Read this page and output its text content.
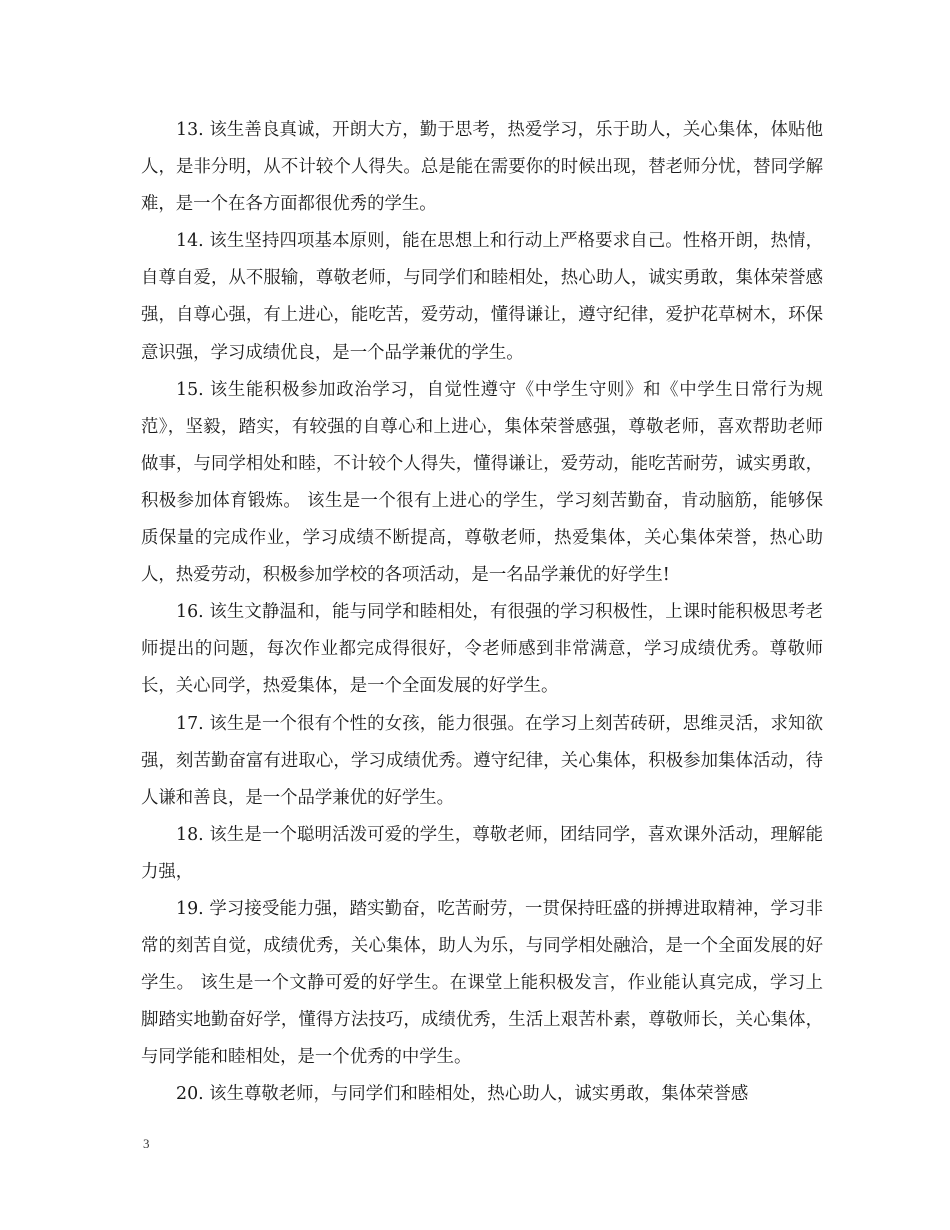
13. 该生善良真诚，开朗大方，勤于思考，热爱学习，乐于助人，关心集体，体贴他人，是非分明，从不计较个人得失。总是能在需要你的时候出现，替老师分忧，替同学解难，是一个在各方面都很优秀的学生。

14. 该生坚持四项基本原则，能在思想上和行动上严格要求自己。性格开朗，热情，自尊自爱，从不服输，尊敬老师，与同学们和睦相处，热心助人，诚实勇敢，集体荣誉感强，自尊心强，有上进心，能吃苦，爱劳动，懂得谦让，遵守纪律，爱护花草树木，环保意识强，学习成绩优良，是一个品学兼优的学生。

15. 该生能积极参加政治学习，自觉性遵守《中学生守则》和《中学生日常行为规范》，坚毅，踏实，有较强的自尊心和上进心，集体荣誉感强，尊敬老师，喜欢帮助老师做事，与同学相处和睦，不计较个人得失，懂得谦让，爱劳动，能吃苦耐劳，诚实勇敢，积极参加体育锻炼。 该生是一个很有上进心的学生，学习刻苦勤奋，肯动脑筋，能够保质保量的完成作业，学习成绩不断提高，尊敬老师，热爱集体，关心集体荣誉，热心助人，热爱劳动，积极参加学校的各项活动，是一名品学兼优的好学生!

16. 该生文静温和，能与同学和睦相处，有很强的学习积极性，上课时能积极思考老师提出的问题，每次作业都完成得很好，令老师感到非常满意，学习成绩优秀。尊敬师长，关心同学，热爱集体，是一个全面发展的好学生。

17. 该生是一个很有个性的女孩，能力很强。在学习上刻苦砖研，思维灵活，求知欲强，刻苦勤奋富有进取心，学习成绩优秀。遵守纪律，关心集体，积极参加集体活动，待人谦和善良，是一个品学兼优的好学生。

18. 该生是一个聪明活泼可爱的学生，尊敬老师，团结同学，喜欢课外活动，理解能力强，

19. 学习接受能力强，踏实勤奋，吃苦耐劳，一贯保持旺盛的拼搏进取精神，学习非常的刻苦自觉，成绩优秀，关心集体，助人为乐，与同学相处融洽，是一个全面发展的好学生。 该生是一个文静可爱的好学生。在课堂上能积极发言，作业能认真完成，学习上脚踏实地勤奋好学，懂得方法技巧，成绩优秀，生活上艰苦朴素，尊敬师长，关心集体，与同学能和睦相处，是一个优秀的中学生。

20. 该生尊敬老师，与同学们和睦相处，热心助人，诚实勇敢，集体荣誉感

3
